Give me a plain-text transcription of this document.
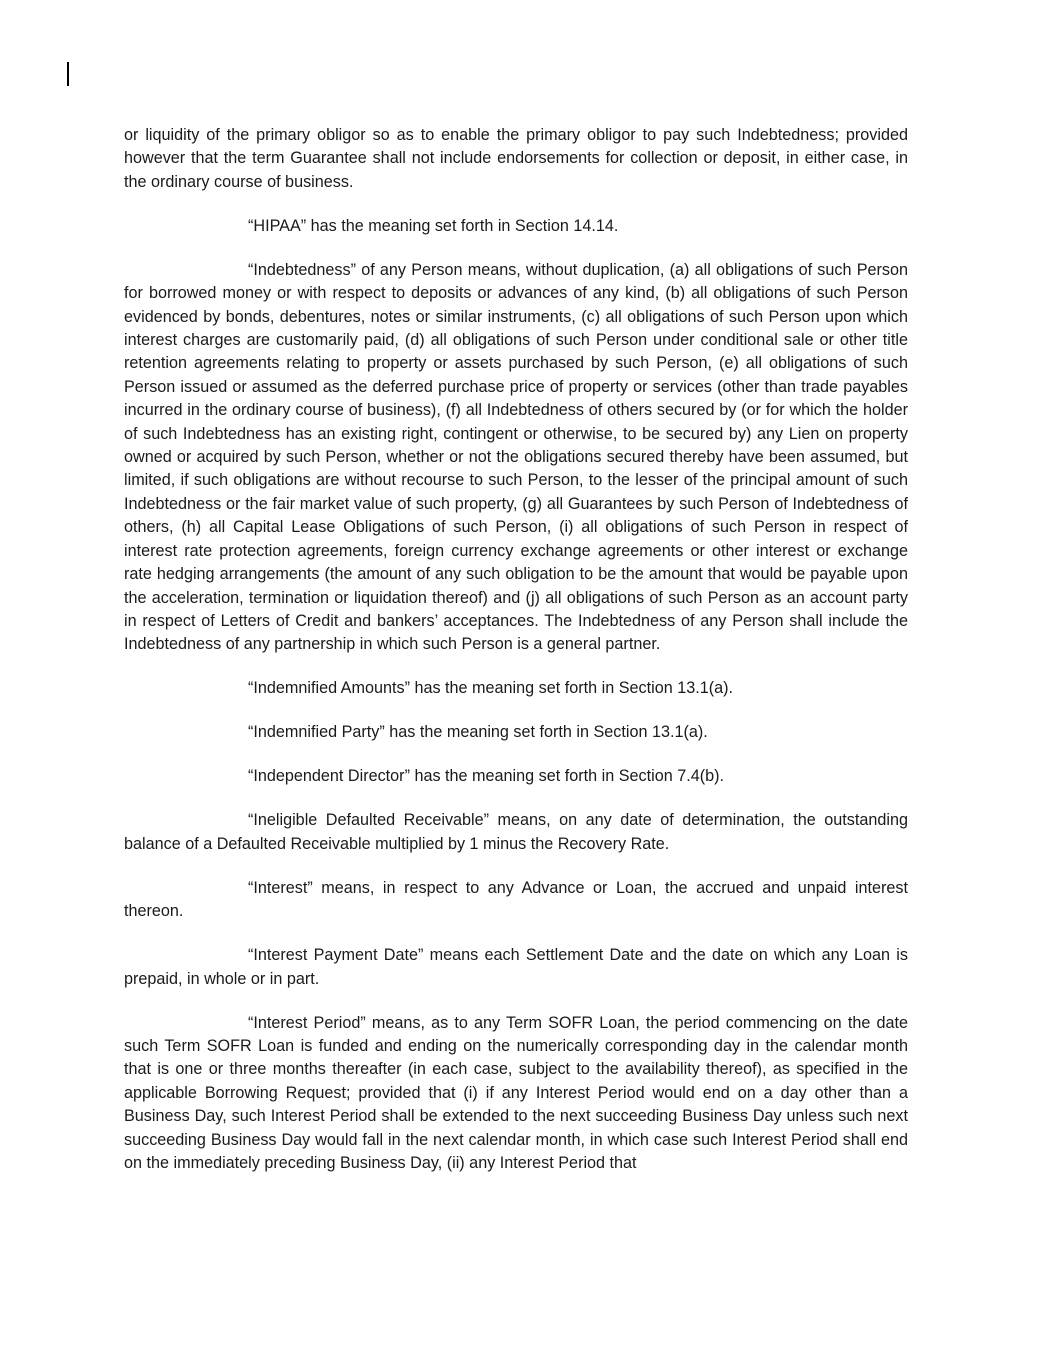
or liquidity of the primary obligor so as to enable the primary obligor to pay such Indebtedness; provided however that the term Guarantee shall not include endorsements for collection or deposit, in either case, in the ordinary course of business.

“HIPAA” has the meaning set forth in Section 14.14.

“Indebtedness” of any Person means, without duplication, (a) all obligations of such Person for borrowed money or with respect to deposits or advances of any kind, (b) all obligations of such Person evidenced by bonds, debentures, notes or similar instruments, (c) all obligations of such Person upon which interest charges are customarily paid, (d) all obligations of such Person under conditional sale or other title retention agreements relating to property or assets purchased by such Person, (e) all obligations of such Person issued or assumed as the deferred purchase price of property or services (other than trade payables incurred in the ordinary course of business), (f) all Indebtedness of others secured by (or for which the holder of such Indebtedness has an existing right, contingent or otherwise, to be secured by) any Lien on property owned or acquired by such Person, whether or not the obligations secured thereby have been assumed, but limited, if such obligations are without recourse to such Person, to the lesser of the principal amount of such Indebtedness or the fair market value of such property, (g) all Guarantees by such Person of Indebtedness of others, (h) all Capital Lease Obligations of such Person, (i) all obligations of such Person in respect of interest rate protection agreements, foreign currency exchange agreements or other interest or exchange rate hedging arrangements (the amount of any such obligation to be the amount that would be payable upon the acceleration, termination or liquidation thereof) and (j) all obligations of such Person as an account party in respect of Letters of Credit and bankers’ acceptances. The Indebtedness of any Person shall include the Indebtedness of any partnership in which such Person is a general partner.

“Indemnified Amounts” has the meaning set forth in Section 13.1(a).

“Indemnified Party” has the meaning set forth in Section 13.1(a).

“Independent Director” has the meaning set forth in Section 7.4(b).

“Ineligible Defaulted Receivable” means, on any date of determination, the outstanding balance of a Defaulted Receivable multiplied by 1 minus the Recovery Rate.

“Interest” means, in respect to any Advance or Loan, the accrued and unpaid interest thereon.

“Interest Payment Date” means each Settlement Date and the date on which any Loan is prepaid, in whole or in part.

“Interest Period” means, as to any Term SOFR Loan, the period commencing on the date such Term SOFR Loan is funded and ending on the numerically corresponding day in the calendar month that is one or three months thereafter (in each case, subject to the availability thereof), as specified in the applicable Borrowing Request; provided that (i) if any Interest Period would end on a day other than a Business Day, such Interest Period shall be extended to the next succeeding Business Day unless such next succeeding Business Day would fall in the next calendar month, in which case such Interest Period shall end on the immediately preceding Business Day, (ii) any Interest Period that
